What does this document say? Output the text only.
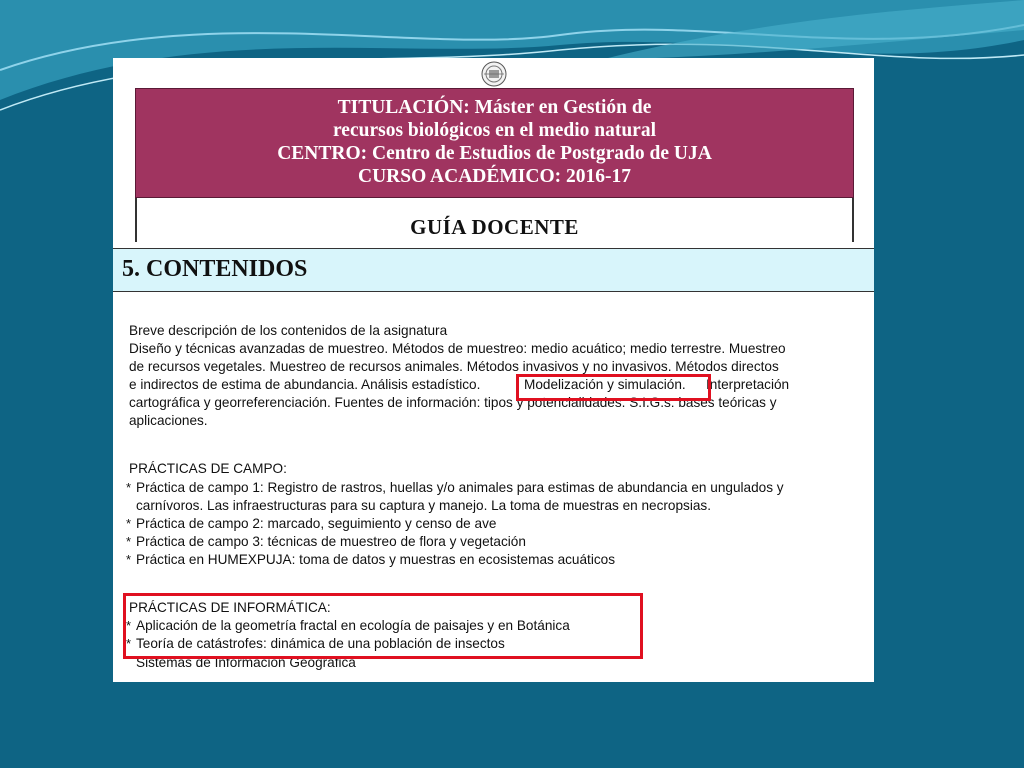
TITULACIÓN: Máster en Gestión de
recursos biológicos en el medio natural
CENTRO: Centro de Estudios de Postgrado de UJA
CURSO ACADÉMICO: 2016-17
GUÍA DOCENTE
5. CONTENIDOS
Breve descripción de los contenidos de la asignatura
Diseño y técnicas avanzadas de muestreo. Métodos de muestreo: medio acuático; medio terrestre. Muestreo
de recursos vegetales. Muestreo de recursos animales. Métodos invasivos y no invasivos. Métodos directos
e indirectos de estima de abundancia. Análisis estadístico.	Modelización y simulación. Interpretación
cartográfica y georreferenciación. Fuentes de información: tipos y potencialidades. S.I.G.s: bases teóricas y
aplicaciones.
PRÁCTICAS DE CAMPO:
* Práctica de campo 1: Registro de rastros, huellas y/o animales para estimas de abundancia en ungulados y
carnívoros. Las infraestructuras para su captura y manejo. La toma de muestras en necropsias.
* Práctica de campo 2: marcado, seguimiento y censo de ave
* Práctica de campo 3: técnicas de muestreo de flora y vegetación
* Práctica en HUMEXPUJA: toma de datos y muestras en ecosistemas acuáticos
PRÁCTICAS DE INFORMÁTICA:
* Aplicación de la geometría fractal en ecología de paisajes y en Botánica
* Teoría de catástrofes: dinámica de una población de insectos
Sistemas de Información Geográfica
